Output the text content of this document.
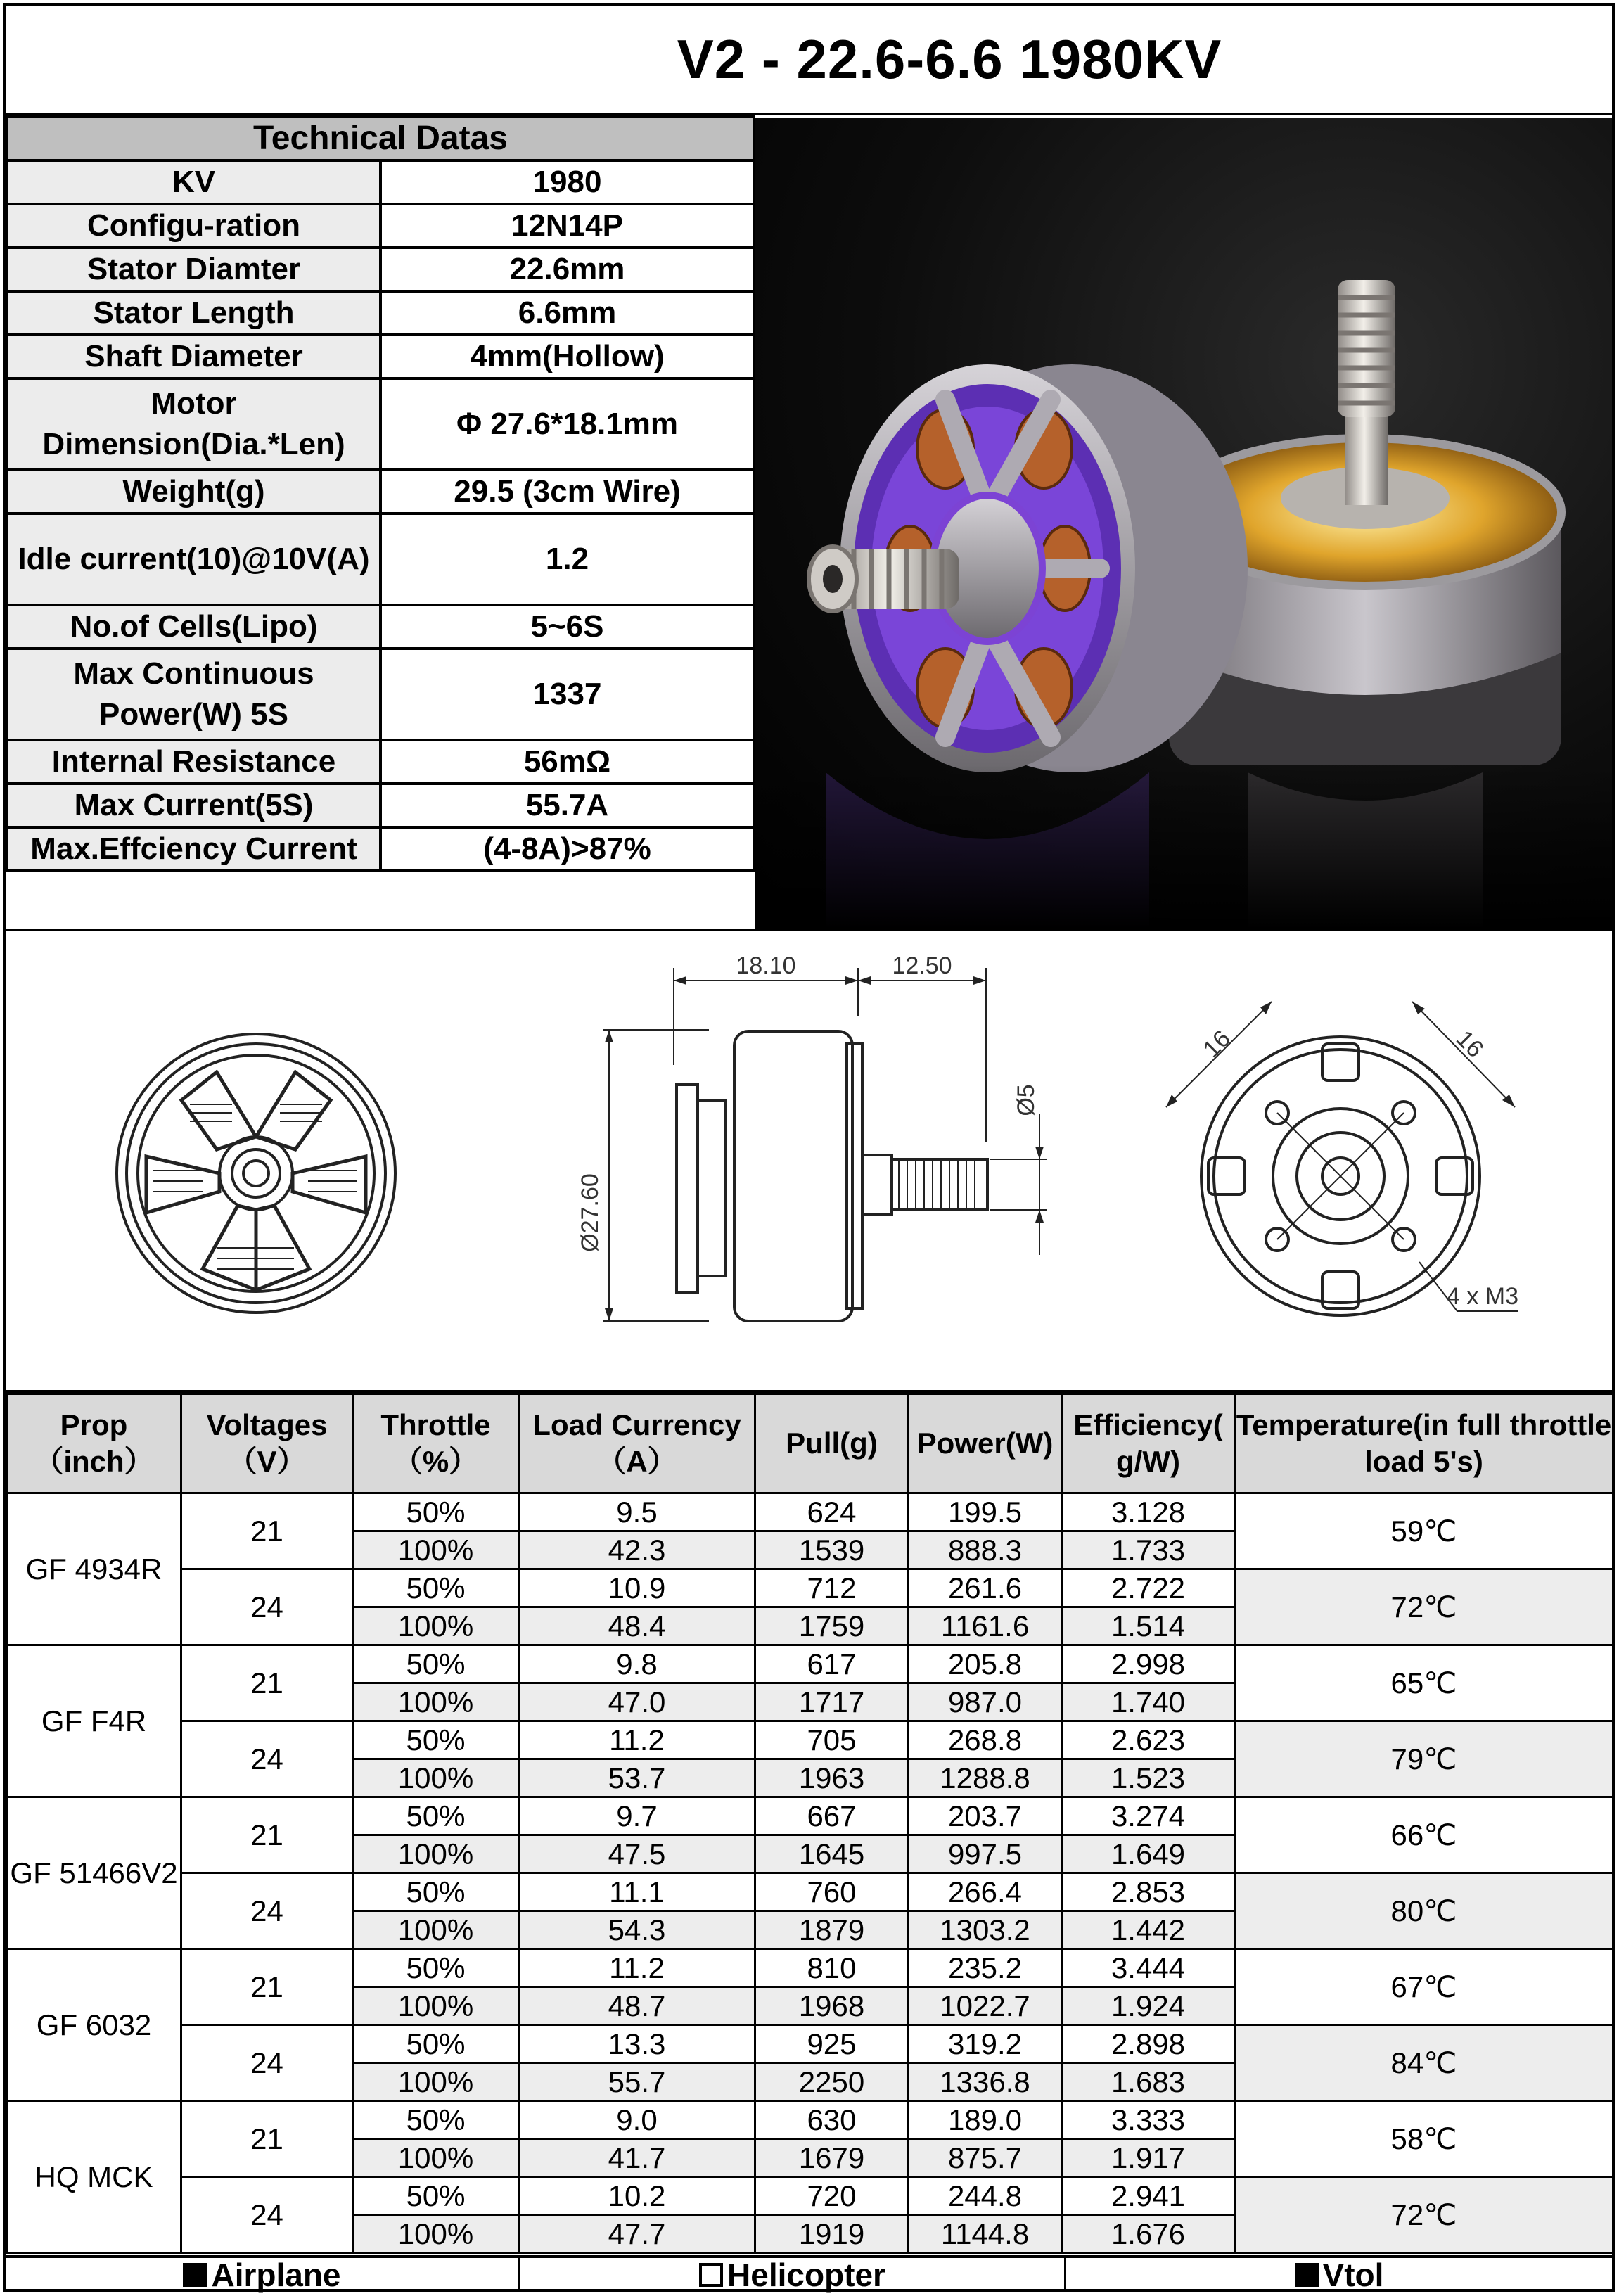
V2 - 22.6-6.6 1980KV
Technical Datas	
KV	1980
Configu-ration	12N14P
Stator Diamter	22.6mm
Stator Length	6.6mm
Shaft Diameter	4mm(Hollow)
Motor Dimension(Dia.*Len)	Φ 27.6*18.1mm
Weight(g)	29.5 (3cm Wire)
Idle current(10)@10V(A)	1.2
No.of Cells(Lipo)	5~6S
Max Continuous Power(W) 5S	1337
Internal Resistance	56mΩ
Max Current(5S)	55.7A
Max.Effciency Current	(4-8A)>87%
18.10	12.50
Ø27.60
Ø5
16	16
4 x M3
Prop （inch）	Voltages （V）	Throttle （%）	Load Currency （A）	Pull(g)	Power(W)	Efficiency( g/W)	Temperature(in full throttle load 5's)
GF 4934R	21	50%	9.5	624	199.5	3.128	59℃
		100%	42.3	1539	888.3	1.733	
	24	50%	10.9	712	261.6	2.722	72℃
		100%	48.4	1759	1161.6	1.514	
GF F4R	21	50%	9.8	617	205.8	2.998	65℃
		100%	47.0	1717	987.0	1.740	
	24	50%	11.2	705	268.8	2.623	79℃
		100%	53.7	1963	1288.8	1.523	
GF 51466V2	21	50%	9.7	667	203.7	3.274	66℃
		100%	47.5	1645	997.5	1.649	
	24	50%	11.1	760	266.4	2.853	80℃
		100%	54.3	1879	1303.2	1.442	
GF 6032	21	50%	11.2	810	235.2	3.444	67℃
		100%	48.7	1968	1022.7	1.924	
	24	50%	13.3	925	319.2	2.898	84℃
		100%	55.7	2250	1336.8	1.683	
HQ MCK	21	50%	9.0	630	189.0	3.333	58℃
		100%	41.7	1679	875.7	1.917	
	24	50%	10.2	720	244.8	2.941	72℃
		100%	47.7	1919	1144.8	1.676	
Airplane	Helicopter	Vtol
